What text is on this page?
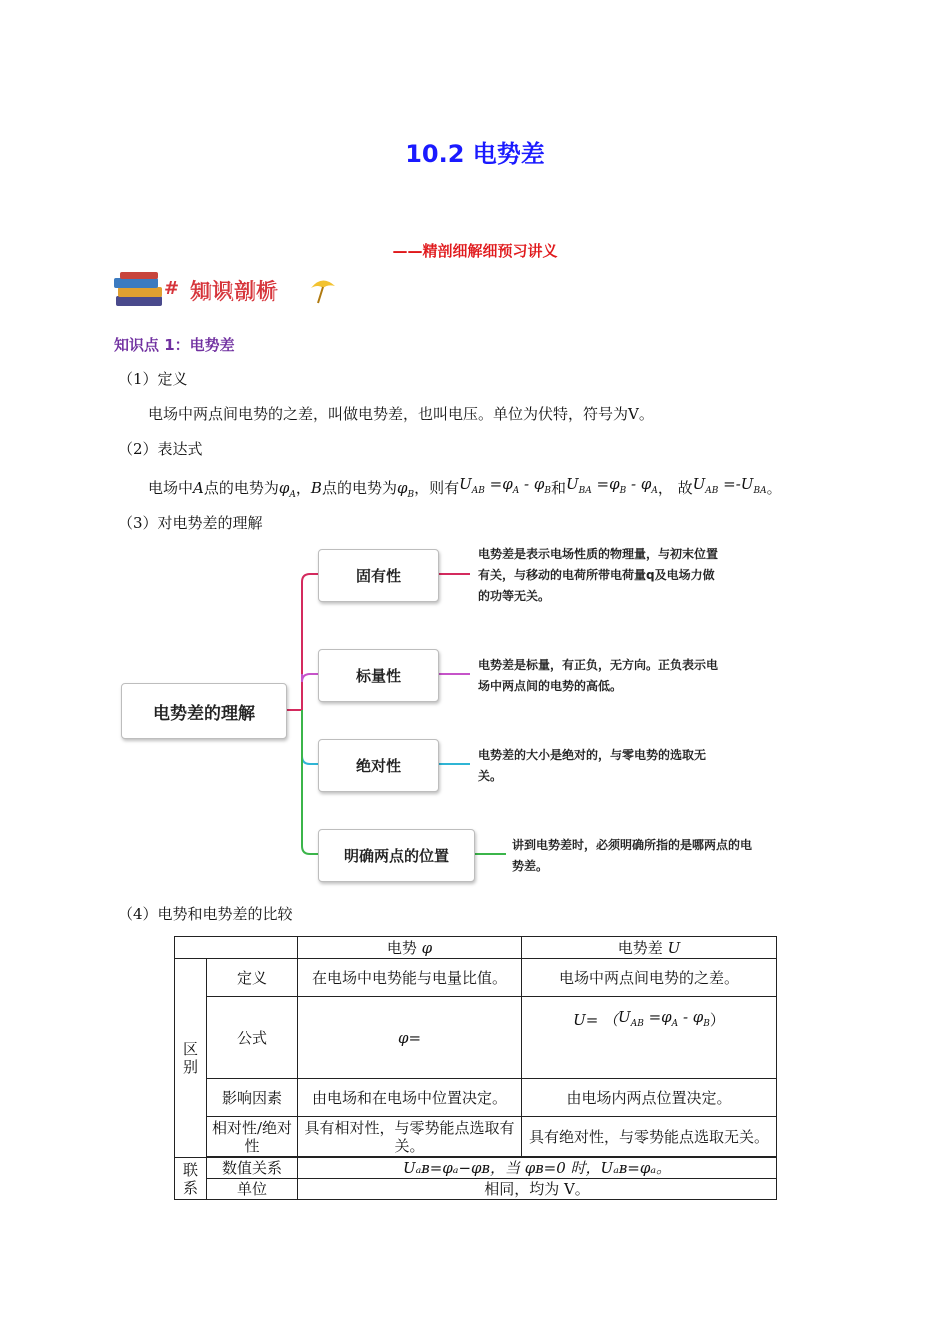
10.2 电势差
——精剖细解细预习讲义
# 知识剖析
知识点 1：电势差
（1）定义
电场中两点间电势的之差，叫做电势差，也叫电压。单位为伏特，符号为V。
（2）表达式
电场中A点的电势为$\varphi_A$，B点的电势为$\varphi_B$，则有$U_{AB} =\varphi_A - \varphi_B$和$U_{BA} =\varphi_B - \varphi_A$， 故$U_{AB} =-U_{BA}$。
（3）对电势差的理解
电势差的理解
固有性
标量性
绝对性
明确两点的位置
电势差是表示电场性质的物理量，与初末位置
有关，与移动的电荷所带电荷量q及电场力做
的功等无关。
电势差是标量，有正负，无方向。正负表示电
场中两点间的电势的高低。
电势差的大小是绝对的，与零电势的选取无
关。
讲到电势差时，必须明确所指的是哪两点的电
势差。
（4）电势和电势差的比较
		电势 φ	电势差 U
区别	定义	在电场中电势能与电量比值。	电场中两点间电势的之差。
	公式	φ=	$U= (U_{AB} =\varphi_A - \varphi_B)$
	影响因素	由电场和在电场中位置决定。	由电场内两点位置决定。
	相对性/绝对性	具有相对性，与零势能点选取有关。	具有绝对性，与零势能点选取无关。

联系	数值关系	Uₐʙ=φₐ−φʙ，当 φʙ=0 时，Uₐʙ=φₐ。	
	单位	相同，均为 V。	
